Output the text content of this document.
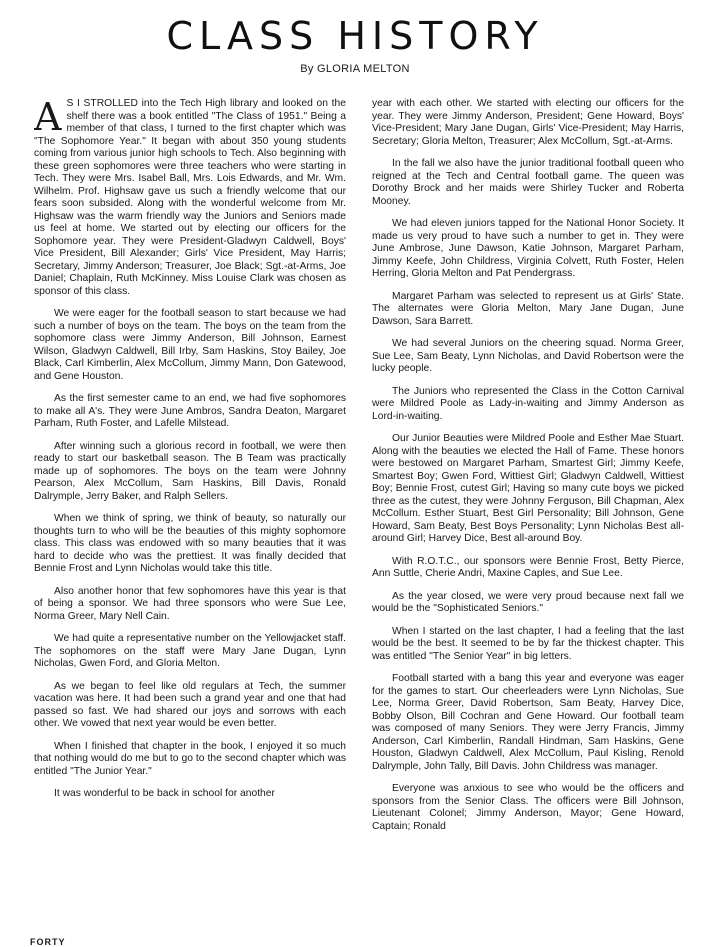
CLASS HISTORY
By GLORIA MELTON

A S I STROLLED into the Tech High library and looked on the shelf there was a book entitled "The Class of 1951." Being a member of that class, I turned to the first chapter which was "The Sophomore Year." It began with about 350 young students coming from various junior high schools to Tech. Also beginning with these green sophomores were three teachers who were starting in Tech. They were Mrs. Isabel Ball, Mrs. Lois Edwards, and Mr. Wm. Wilhelm. Prof. Highsaw gave us such a friendly welcome that our fears soon subsided. Along with the wonderful welcome from Mr. Highsaw was the warm friendly way the Juniors and Seniors made us feel at home. We started out by electing our officers for the Sophomore year. They were President-Gladwyn Caldwell, Boys' Vice President, Bill Alexander; Girls' Vice President, May Harris; Secretary, Jimmy Anderson; Treasurer, Joe Black; Sgt.-at-Arms, Joe Daniel; Chaplain, Ruth McKinney. Miss Louise Clark was chosen as sponsor of this class.

We were eager for the football season to start because we had such a number of boys on the team. The boys on the team from the sophomore class were Jimmy Anderson, Bill Johnson, Earnest Wilson, Gladwyn Caldwell, Bill Irby, Sam Haskins, Stoy Bailey, Joe Black, Carl Kimberlin, Alex McCollum, Jimmy Mann, Don Gatewood, and Gene Houston.

As the first semester came to an end, we had five sophomores to make all A's. They were June Ambros, Sandra Deaton, Margaret Parham, Ruth Foster, and Lafelle Milstead.

After winning such a glorious record in football, we were then ready to start our basketball season. The B Team was practically made up of sophomores. The boys on the team were Johnny Pearson, Alex McCollum, Sam Haskins, Bill Davis, Ronald Dalrymple, Jerry Baker, and Ralph Sellers.

When we think of spring, we think of beauty, so naturally our thoughts turn to who will be the beauties of this mighty sophomore class. This class was endowed with so many beauties that it was hard to decide who was the prettiest. It was finally decided that Bennie Frost and Lynn Nicholas would take this title.

Also another honor that few sophomores have this year is that of being a sponsor. We had three sponsors who were Sue Lee, Norma Greer, Mary Nell Cain.

We had quite a representative number on the Yellowjacket staff. The sophomores on the staff were Mary Jane Dugan, Lynn Nicholas, Gwen Ford, and Gloria Melton.

As we began to feel like old regulars at Tech, the summer vacation was here. It had been such a grand year and one that had passed so fast. We had shared our joys and sorrows with each other. We vowed that next year would be even better.

When I finished that chapter in the book, I enjoyed it so much that nothing would do me but to go to the second chapter which was entitled "The Junior Year."

It was wonderful to be back in school for another

year with each other. We started with electing our officers for the year. They were Jimmy Anderson, President; Gene Howard, Boys' Vice-President; Mary Jane Dugan, Girls' Vice-President; May Harris, Secretary; Gloria Melton, Treasurer; Alex McCollum, Sgt.-at-Arms.

In the fall we also have the junior traditional football queen who reigned at the Tech and Central football game. The queen was Dorothy Brock and her maids were Shirley Tucker and Roberta Mooney.

We had eleven juniors tapped for the National Honor Society. It made us very proud to have such a number to get in. They were June Ambrose, June Dawson, Katie Johnson, Margaret Parham, Jimmy Keefe, John Childress, Virginia Colvett, Ruth Foster, Helen Herring, Gloria Melton and Pat Pendergrass.

Margaret Parham was selected to represent us at Girls' State. The alternates were Gloria Melton, Mary Jane Dugan, June Dawson, Sara Barrett.

We had several Juniors on the cheering squad. Norma Greer, Sue Lee, Sam Beaty, Lynn Nicholas, and David Robertson were the lucky people.

The Juniors who represented the Class in the Cotton Carnival were Mildred Poole as Lady-in-waiting and Jimmy Anderson as Lord-in-waiting.

Our Junior Beauties were Mildred Poole and Esther Mae Stuart. Along with the beauties we elected the Hall of Fame. These honors were bestowed on Margaret Parham, Smartest Girl; Jimmy Keefe, Smartest Boy; Gwen Ford, Wittiest Girl; Gladwyn Caldwell, Wittiest Boy; Bennie Frost, cutest Girl; Having so many cute boys we picked three as the cutest, they were Johnny Ferguson, Bill Chapman, Alex McCollum. Esther Stuart, Best Girl Personality; Bill Johnson, Gene Howard, Sam Beaty, Best Boys Personality; Lynn Nicholas Best all-around Girl; Harvey Dice, Best all-around Boy.

With R.O.T.C., our sponsors were Bennie Frost, Betty Pierce, Ann Suttle, Cherie Andri, Maxine Caples, and Sue Lee.

As the year closed, we were very proud because next fall we would be the "Sophisticated Seniors."

When I started on the last chapter, I had a feeling that the last would be the best. It seemed to be by far the thickest chapter. This was entitled "The Senior Year" in big letters.

Football started with a bang this year and everyone was eager for the games to start. Our cheerleaders were Lynn Nicholas, Sue Lee, Norma Greer, David Robertson, Sam Beaty, Harvey Dice, Bobby Olson, Bill Cochran and Gene Howard. Our football team was composed of many Seniors. They were Jerry Francis, Jimmy Anderson, Carl Kimberlin, Randall Hindman, Sam Haskins, Gene Houston, Gladwyn Caldwell, Alex McCollum, Paul Kisling, Renold Dalrymple, John Tally, Bill Davis. John Childress was manager.

Everyone was anxious to see who would be the officers and sponsors from the Senior Class. The officers were Bill Johnson, Lieutenant Colonel; Jimmy Anderson, Mayor; Gene Howard, Captain; Ronald

FORTY
